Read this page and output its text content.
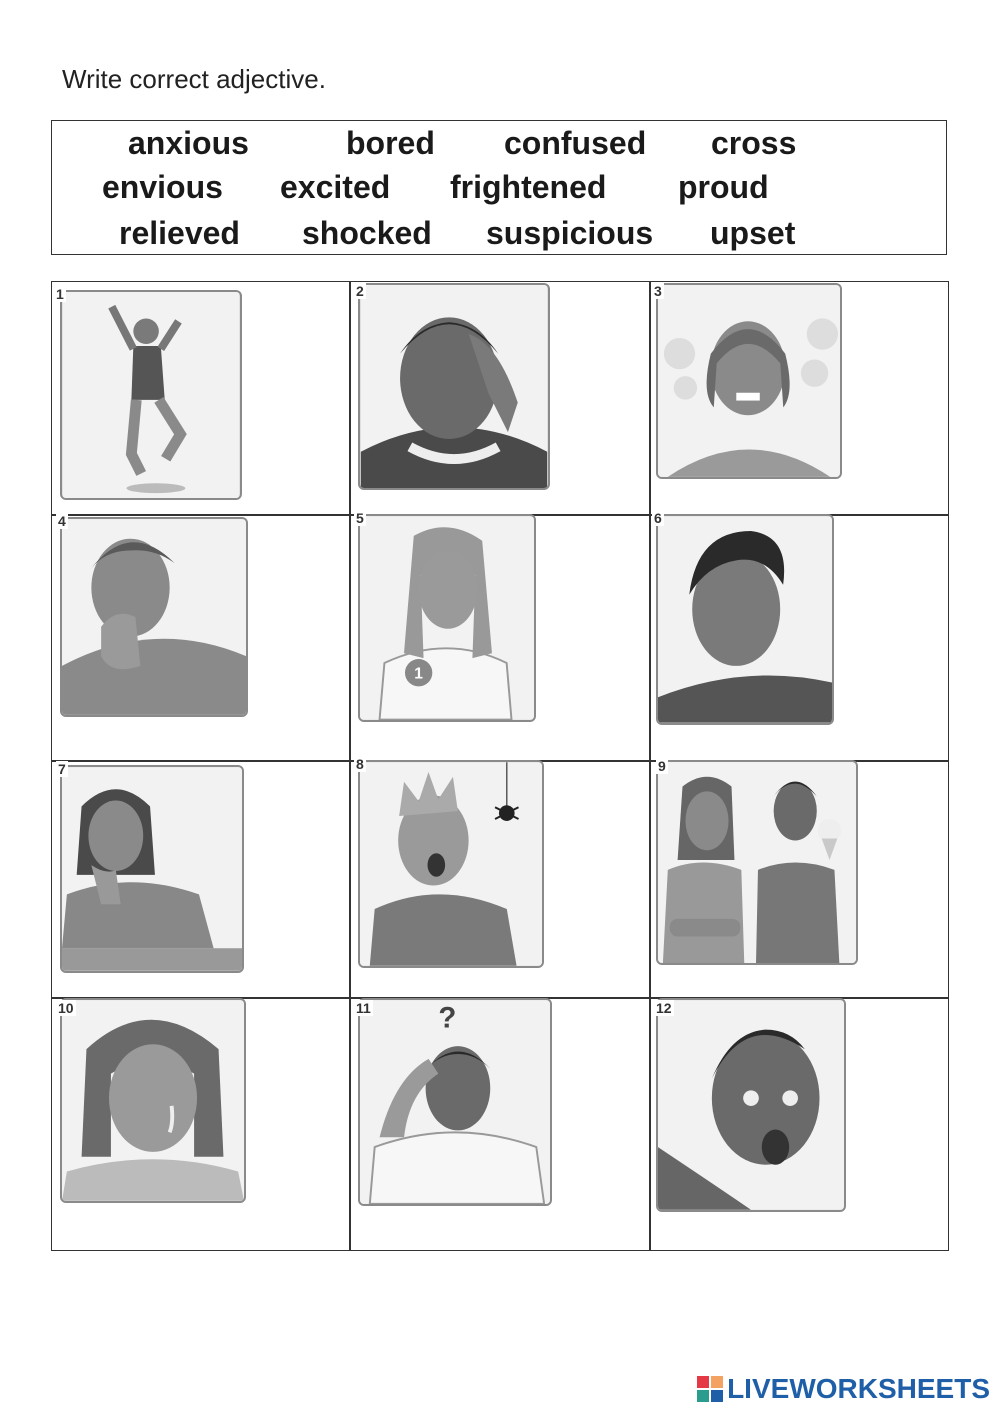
Write correct adjective.
anxious	bored confused cross
envious excited frightened proud
relieved shocked suspicious upset
1	2	3
4
1
5	6
7	8	9
10	?
11	12
LIVEWORKSHEETS
